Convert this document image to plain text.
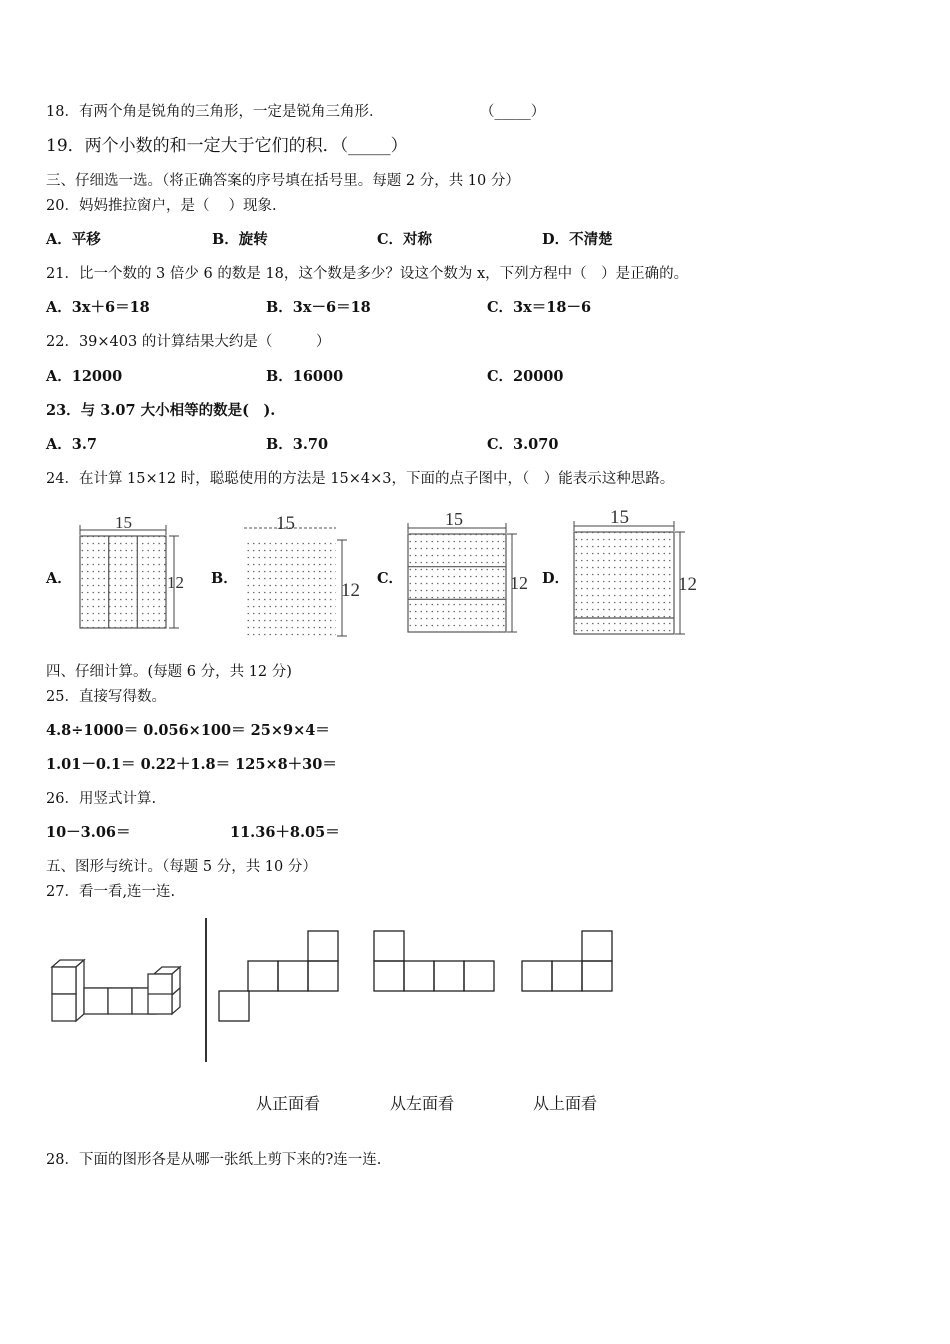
18．有两个角是锐角的三角形，一定是锐角三角形．	（_____）
19．两个小数的和一定大于它们的积．（_____）
三、仔细选一选。（将正确答案的序号填在括号里。每题 2 分，共 10 分）
20．妈妈推拉窗户，是（　 ）现象.
A．平移	B．旋转	C．对称	D．不清楚
21．比一个数的 3 倍少 6 的数是 18，这个数是多少？设这个数为 x，下列方程中（　）是正确的。
A．3x＋6＝18	B．3x－6＝18	C．3x＝18－6
22．39×403 的计算结果大约是（　　　）
A．12000	B．16000	C．20000
23．与 3.07 大小相等的数是(　).
A．3.7	B．3.70	C．3.070
24．在计算 15×12 时，聪聪使用的方法是 15×4×3，下面的点子图中，（　）能表示这种思路。
A．	B．	C．	D．
15
12
15
12
15
12
15
12
四、仔细计算。(每题 6 分，共 12 分)
25．直接写得数。
4.8÷1000＝ 0.056×100＝ 25×9×4＝
1.01－0.1＝ 0.22＋1.8＝ 125×8＋30＝
26．用竖式计算.
10－3.06＝	11.36＋8.05＝
五、图形与统计。（每题 5 分，共 10 分）
27．看一看,连一连.
从正面看	从左面看	从上面看
28．下面的图形各是从哪一张纸上剪下来的?连一连.
